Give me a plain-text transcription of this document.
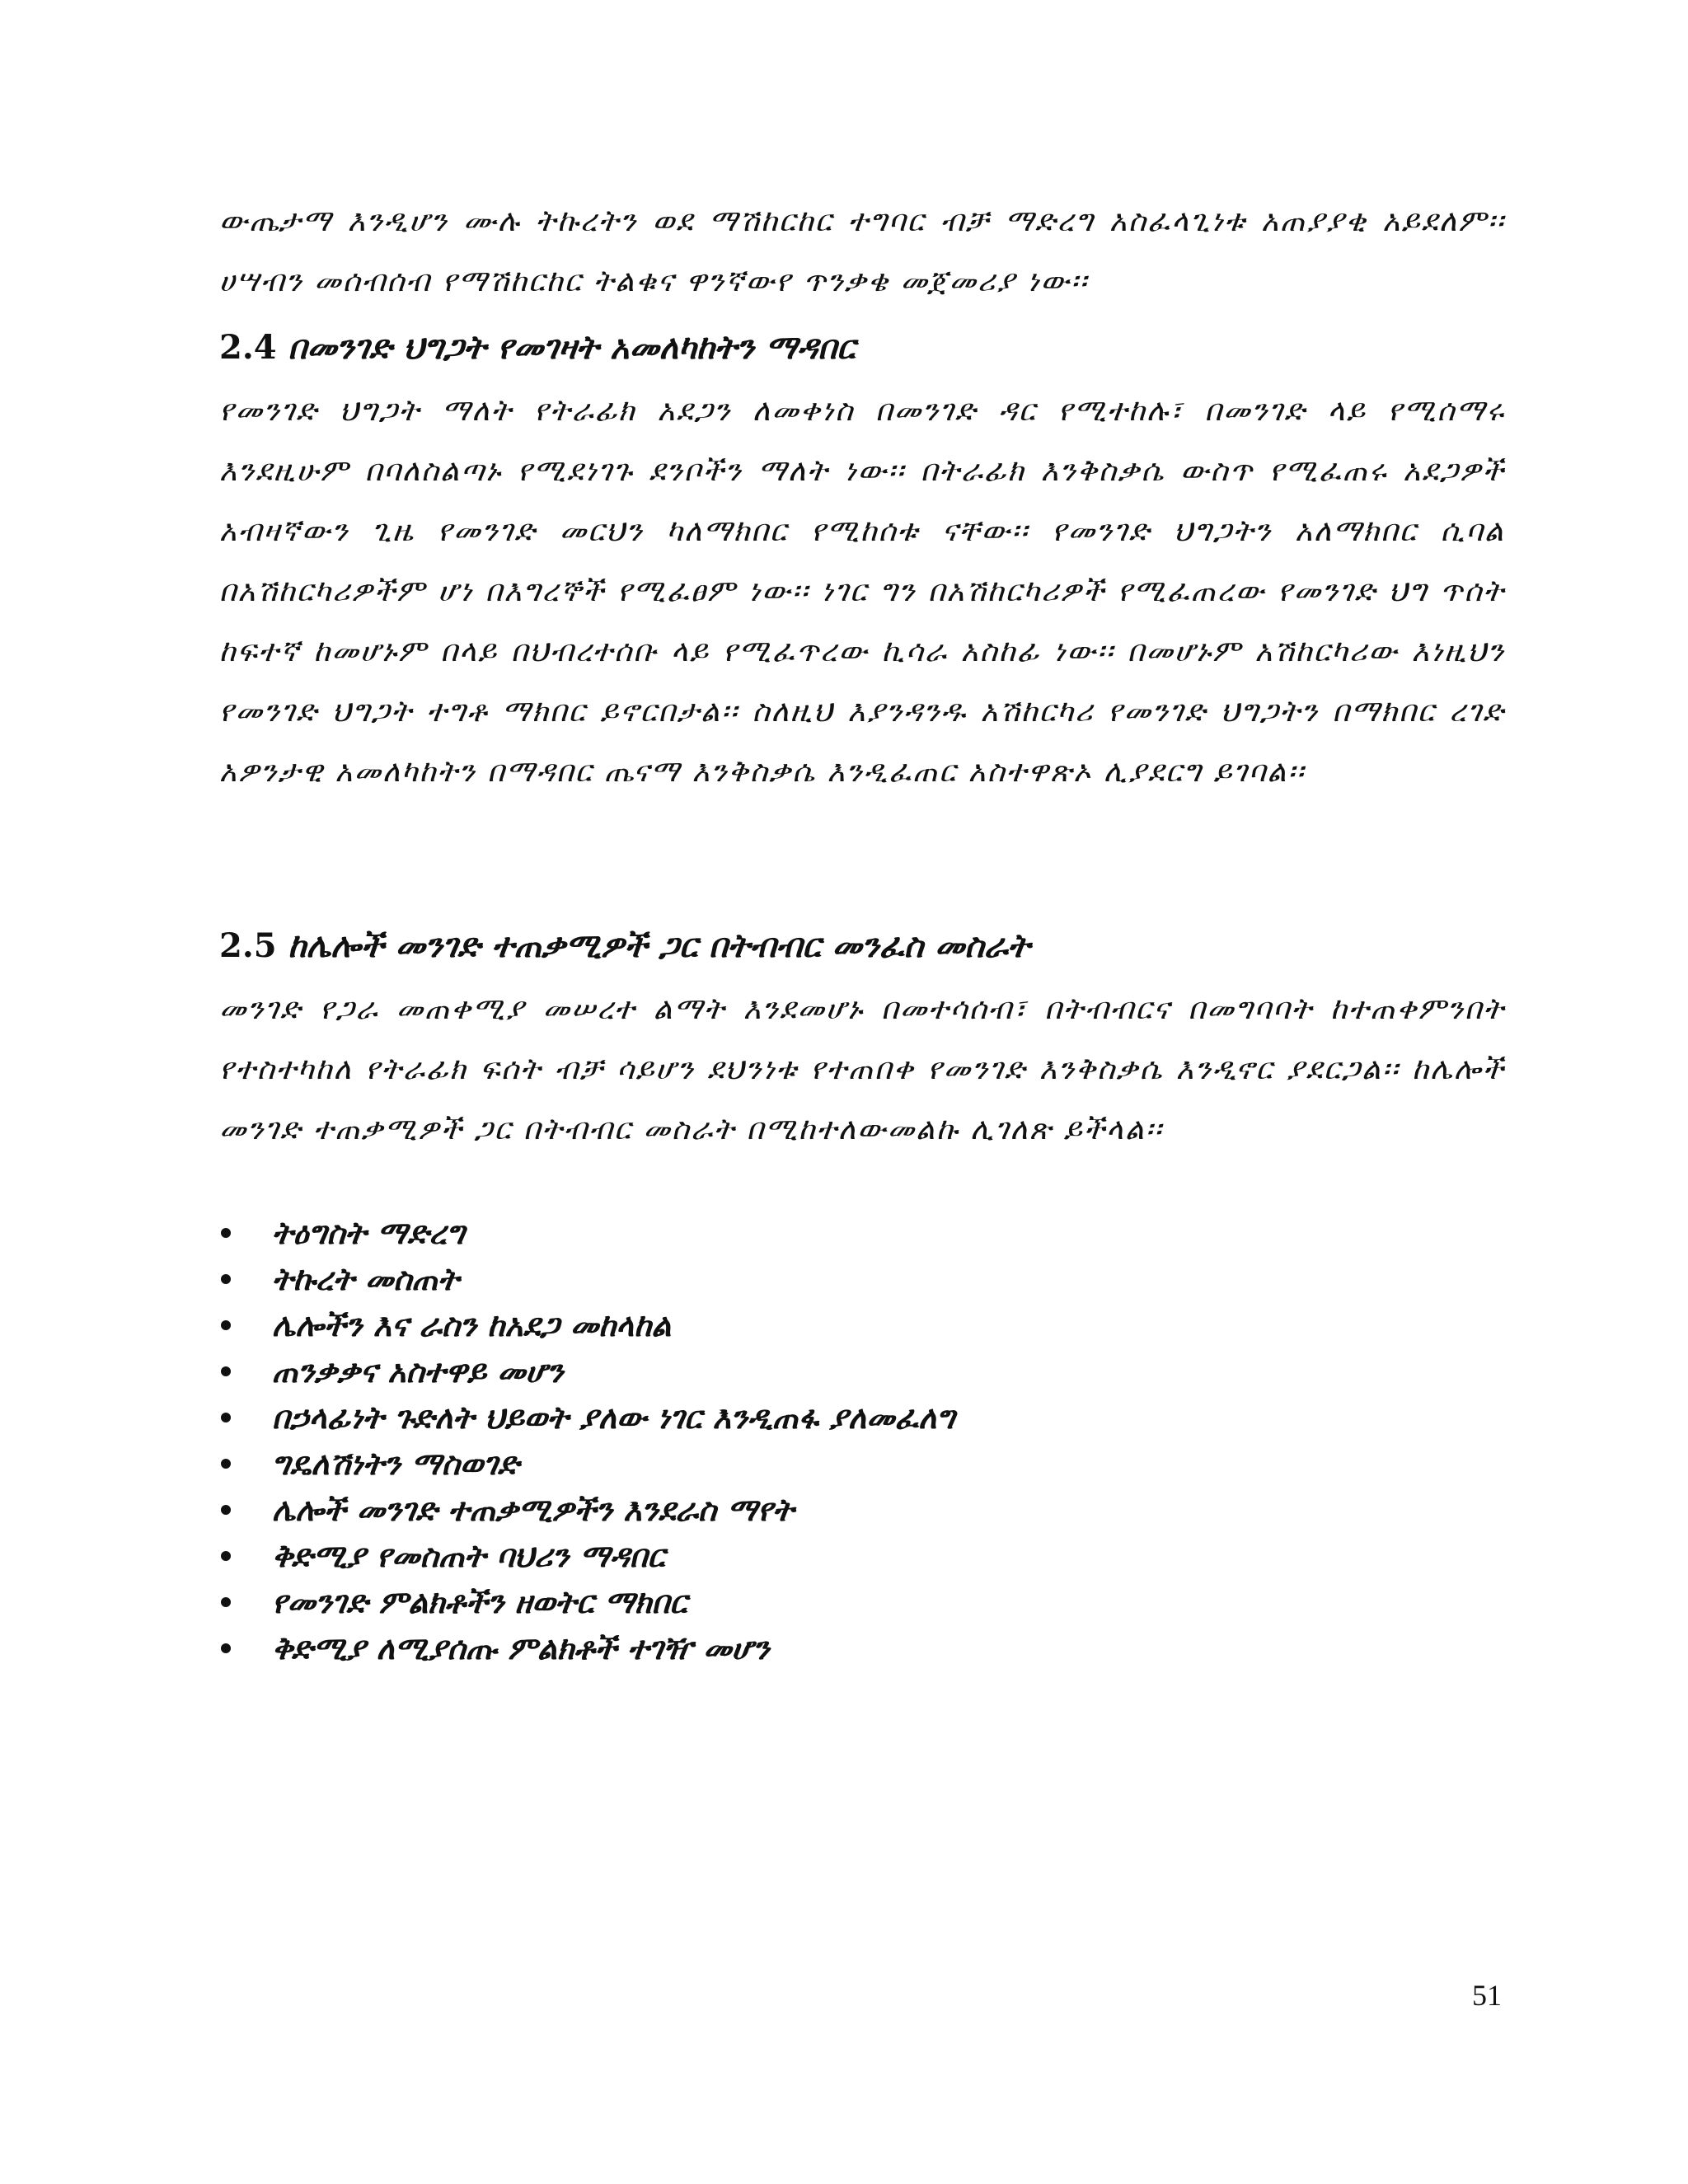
ውጤታማ እንዲሆን ሙሉ ትኩረትን ወደ ማሽከርከር ተግባር ብቻ ማድረግ አስፈላጊነቱ አጠያያቂ አይደለም፡፡ ሀሣብን መሰብሰብ የማሽከርከር ትልቁና ዋንኛውየ ጥንቃቄ መጀመሪያ ነው፡፡

2.4 በመንገድ ህግጋት የመገዛት አመለካከትን ማዳበር

የመንገድ ህግጋት ማለት የትራፊክ አደጋን ለመቀነስ በመንገድ ዳር የሚተከሉ፣ በመንገድ ላይ የሚሰማሩ እንደዚሁም በባለስልጣኑ የሚደነገጉ ደንቦችን ማለት ነው፡፡ በትራፊክ እንቅስቃሴ ውስጥ የሚፈጠሩ አደጋዎች አብዛኛውን ጊዜ የመንገድ መርህን ካለማክበር የሚከሰቱ ናቸው፡፡ የመንገድ ህግጋትን አለማክበር ሲባል በአሽከርካሪዎችም ሆነ በእግረኞች የሚፈፀም ነው፡፡ ነገር ግን በአሽከርካሪዎች የሚፈጠረው የመንገድ ህግ ጥሰት ከፍተኛ ከመሆኑም በላይ በህብረተሰቡ ላይ የሚፈጥረው ኪሳራ አስከፊ ነው፡፡ በመሆኑም አሽከርካሪው እነዚህን የመንገድ ህግጋት ተግቶ ማክበር ይኖርበታል፡፡ ስለዚህ እያንዳንዱ አሽከርካሪ የመንገድ ህግጋትን በማክበር ረገድ አዎንታዊ አመለካከትን በማዳበር ጤናማ እንቅስቃሴ እንዲፈጠር አስተዋጽኦ ሊያደርግ ይገባል፡፡

2.5 ከሌሎች መንገድ ተጠቃሚዎች ጋር በትብብር መንፈስ መስራት

መንገድ የጋራ መጠቀሚያ መሠረተ ልማት እንደመሆኑ በመተሳሰብ፣ በትብብርና በመግባባት ከተጠቀምንበት የተስተካከለ የትራፊክ ፍሰት ብቻ ሳይሆን ደህንነቱ የተጠበቀ የመንገድ እንቅስቃሴ እንዲኖር ያደርጋል፡፡ ከሌሎች መንገድ ተጠቃሚዎች ጋር በትብብር መስራት በሚከተለውመልኩ ሊገለጽ ይችላል፡፡

ትዕግስት ማድረግ
ትኩረት መስጠት
ሌሎችን እና ራስን ከአደጋ መከላከል
ጠንቃቃና አስተዋይ መሆን
በኃላፊነት ጉድለት ህይወት ያለው ነገር እንዲጠፋ ያለመፈለግ
ግዴለሽነትን ማስወገድ
ሌሎች መንገድ ተጠቃሚዎችን እንደራስ ማየት
ቅድሚያ የመስጠት ባህሪን ማዳበር
የመንገድ ምልክቶችን ዘወትር ማክበር
ቅድሚያ ለሚያሰጡ ምልክቶች ተገዥ መሆን
51
